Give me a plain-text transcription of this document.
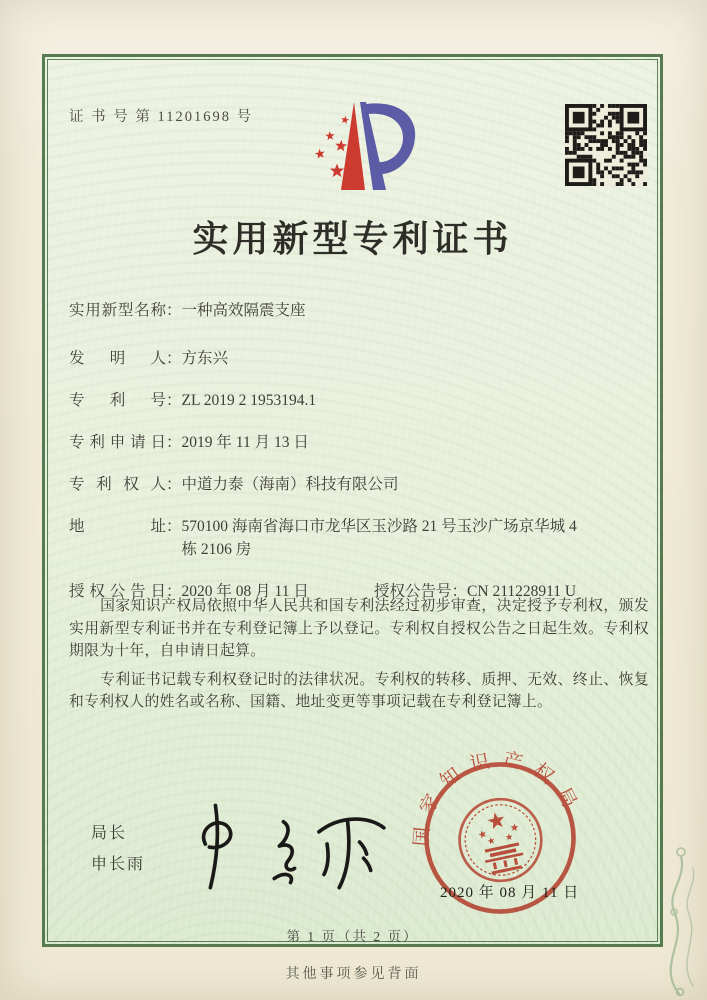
证 书 号 第 11201698 号
实用新型专利证书
实用新型名称：一种高效隔震支座
发明人：方东兴
专利号：ZL 2019 2 1953194.1
专利申请日：2019 年 11 月 13 日
专利权人：中道力泰（海南）科技有限公司
地址：570100 海南省海口市龙华区玉沙路 21 号玉沙广场京华城 4 栋 2106 房
授权公告日：2020 年 08 月 11 日	授权公告号：CN 211228911 U

国家知识产权局依照中华人民共和国专利法经过初步审查，决定授予专利权，颁发实用新型专利证书并在专利登记簿上予以登记。专利权自授权公告之日起生效。专利权期限为十年，自申请日起算。

专利证书记载专利权登记时的法律状况。专利权的转移、质押、无效、终止、恢复和专利权人的姓名或名称、国籍、地址变更等事项记载在专利登记簿上。

局长
申长雨
国家知识产权局
2020 年 08 月 11 日
第 1 页（共 2 页）
其他事项参见背面
